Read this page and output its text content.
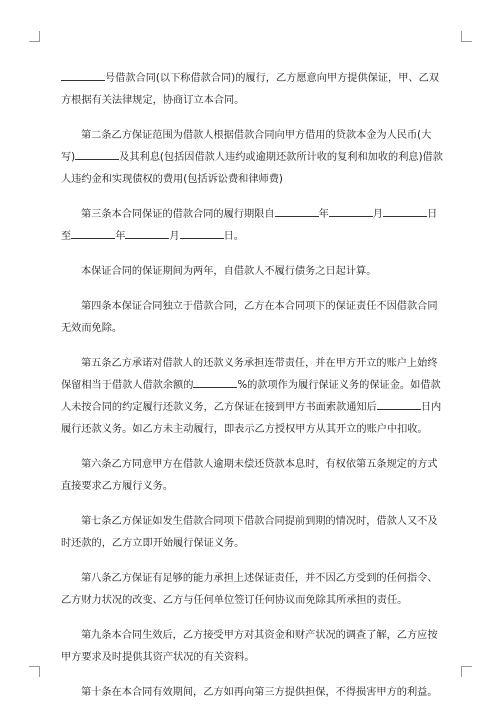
号借款合同(以下称借款合同)的履行，乙方愿意向甲方提供保证，甲、乙双方根据有关法律规定，协商订立本合同。

第二条乙方保证范围为借款人根据借款合同向甲方借用的贷款本金为人民币(大写)	及其利息(包括因借款人违约或逾期还款所计收的复利和加收的利息)借款人违约金和实现债权的费用(包括诉讼费和律师费)

第三条本合同保证的借款合同的履行期限自	年	月	日至	年	月	日。

本保证合同的保证期间为两年，自借款人不履行债务之日起计算。

第四条本保证合同独立于借款合同，乙方在本合同项下的保证责任不因借款合同无效而免除。

第五条乙方承诺对借款人的还款义务承担连带责任，并在甲方开立的账户上始终保留相当于借款人借款余额的	%的款项作为履行保证义务的保证金。如借款人未按合同的约定履行还款义务，乙方保证在接到甲方书面索款通知后	日内履行还款义务。如乙方未主动履行，即表示乙方授权甲方从其开立的账户中扣收。

第六条乙方同意甲方在借款人逾期未偿还贷款本息时，有权依第五条规定的方式直接要求乙方履行义务。

第七条乙方保证如发生借款合同项下借款合同提前到期的情况时，借款人又不及时还款的，乙方立即开始履行保证义务。

第八条乙方保证有足够的能力承担上述保证责任，并不因乙方受到的任何指令、乙方财力状况的改变、乙方与任何单位签订任何协议而免除其所承担的责任。

第九条本合同生效后，乙方接受甲方对其资金和财产状况的调查了解，乙方应按甲方要求及时提供其资产状况的有关资料。

第十条在本合同有效期间，乙方如再向第三方提供担保，不得损害甲方的利益。
